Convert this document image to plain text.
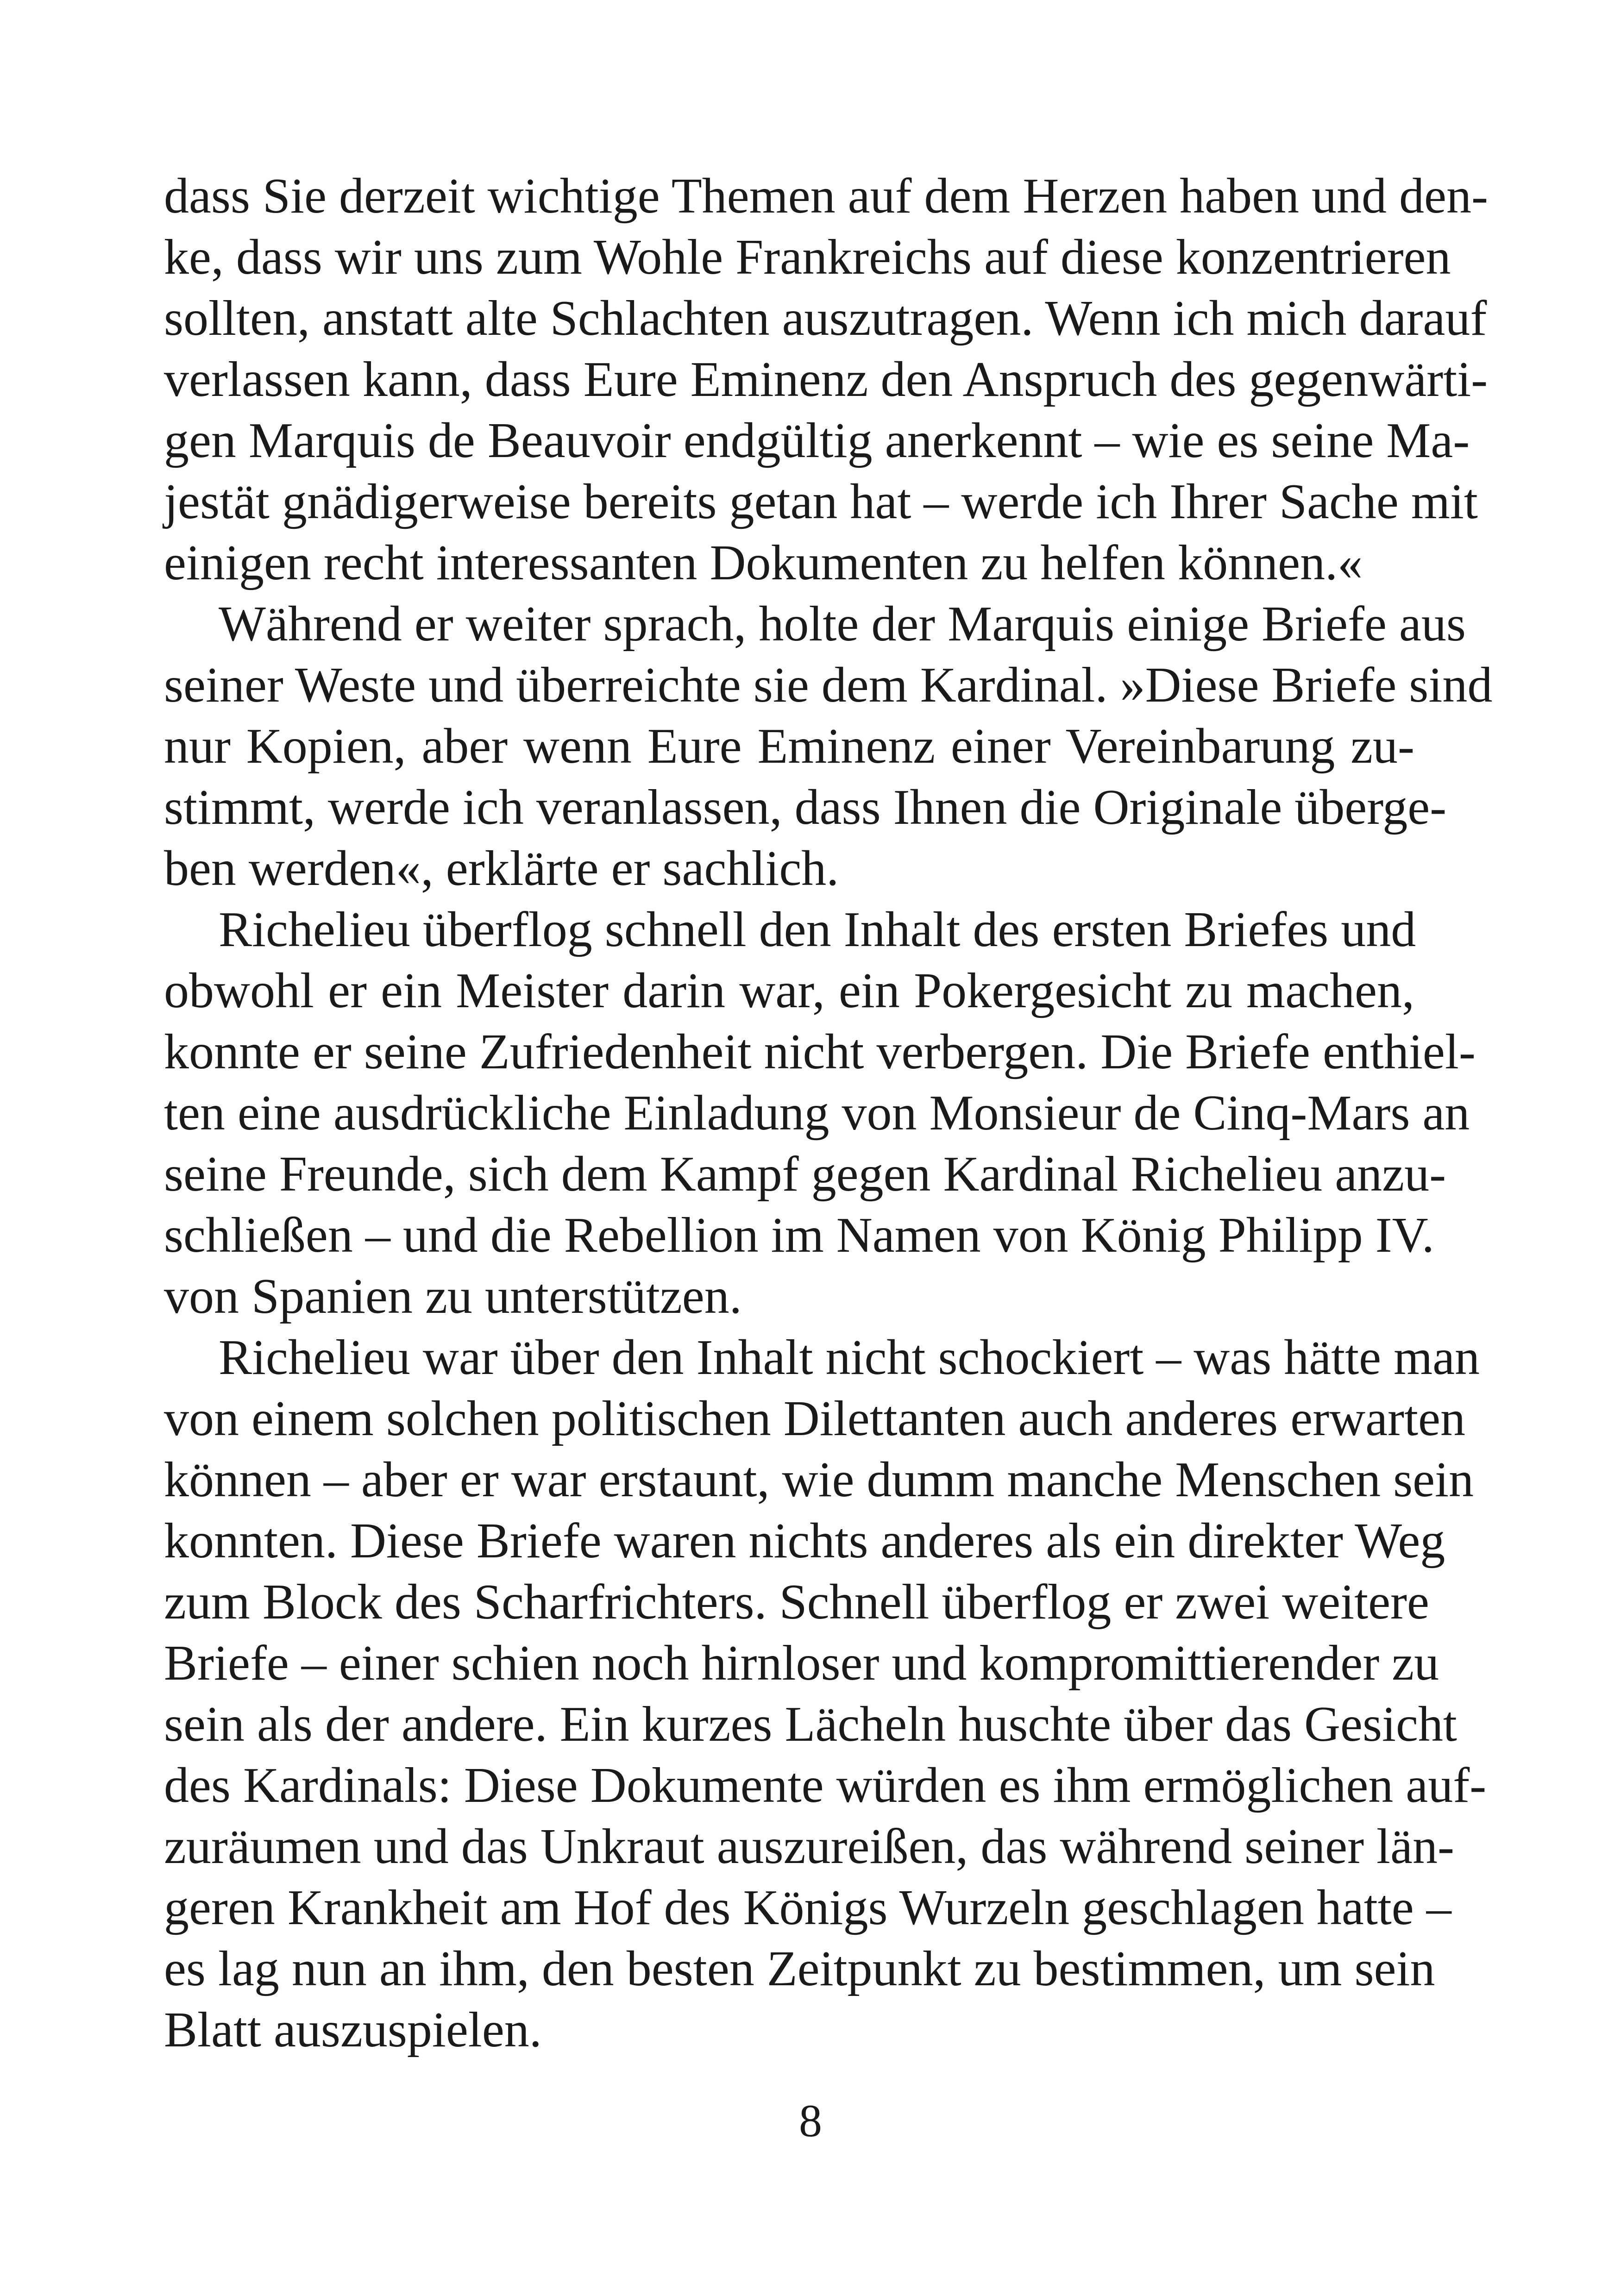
dass Sie derzeit wichtige Themen auf dem Herzen haben und den-
ke, dass wir uns zum Wohle Frankreichs auf diese konzentrieren
sollten, anstatt alte Schlachten auszutragen. Wenn ich mich darauf
verlassen kann, dass Eure Eminenz den Anspruch des gegenwärti-
gen Marquis de Beauvoir endgültig anerkennt – wie es seine Ma-
jestät gnädigerweise bereits getan hat – werde ich Ihrer Sache mit
einigen recht interessanten Dokumenten zu helfen können.«
Während er weiter sprach, holte der Marquis einige Briefe aus
seiner Weste und überreichte sie dem Kardinal. »Diese Briefe sind
nur Kopien, aber wenn Eure Eminenz einer Vereinbarung zu-
stimmt, werde ich veranlassen, dass Ihnen die Originale überge-
ben werden«, erklärte er sachlich.
Richelieu überflog schnell den Inhalt des ersten Briefes und
obwohl er ein Meister darin war, ein Pokergesicht zu machen,
konnte er seine Zufriedenheit nicht verbergen. Die Briefe enthiel-
ten eine ausdrückliche Einladung von Monsieur de Cinq-Mars an
seine Freunde, sich dem Kampf gegen Kardinal Richelieu anzu-
schließen – und die Rebellion im Namen von König Philipp IV.
von Spanien zu unterstützen.
Richelieu war über den Inhalt nicht schockiert – was hätte man
von einem solchen politischen Dilettanten auch anderes erwarten
können – aber er war erstaunt, wie dumm manche Menschen sein
konnten. Diese Briefe waren nichts anderes als ein direkter Weg
zum Block des Scharfrichters. Schnell überflog er zwei weitere
Briefe – einer schien noch hirnloser und kompromittierender zu
sein als der andere. Ein kurzes Lächeln huschte über das Gesicht
des Kardinals: Diese Dokumente würden es ihm ermöglichen auf-
zuräumen und das Unkraut auszureißen, das während seiner län-
geren Krankheit am Hof des Königs Wurzeln geschlagen hatte –
es lag nun an ihm, den besten Zeitpunkt zu bestimmen, um sein
Blatt auszuspielen.
8
